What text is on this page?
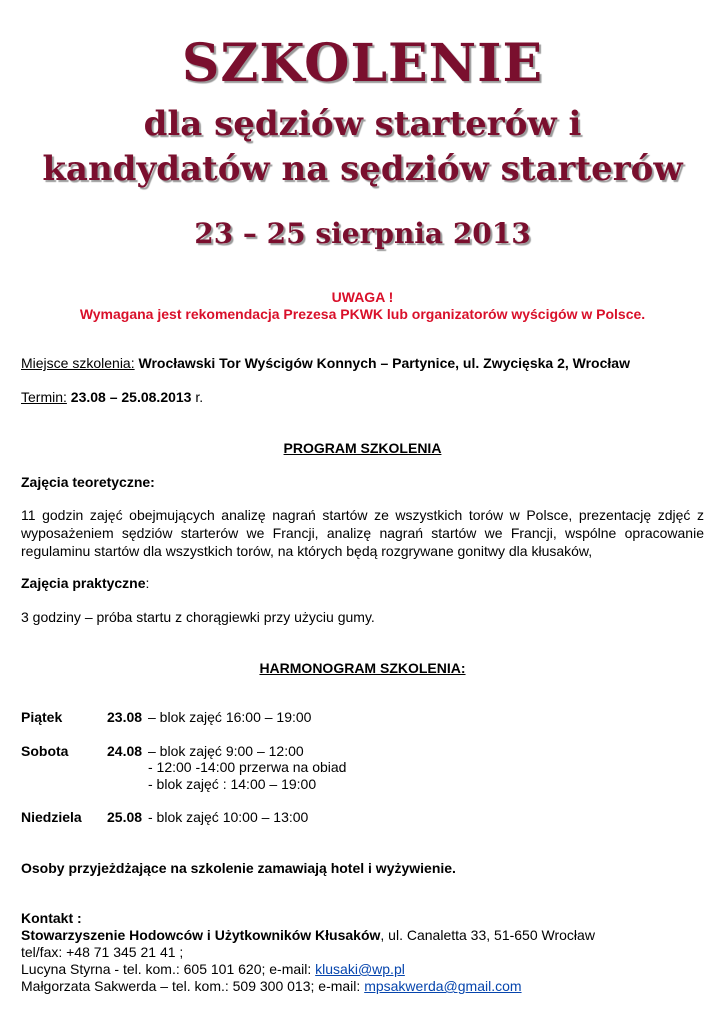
SZKOLENIE
dla sędziów starterów i
kandydatów na sędziów starterów
23 – 25 sierpnia 2013
UWAGA !
Wymagana jest rekomendacja Prezesa PKWK lub organizatorów wyścigów w Polsce.
Miejsce szkolenia: Wrocławski Tor Wyścigów Konnych – Partynice, ul. Zwycięska 2, Wrocław
Termin: 23.08 – 25.08.2013 r.
PROGRAM SZKOLENIA
Zajęcia teoretyczne:
11 godzin zajęć obejmujących analizę nagrań startów ze wszystkich torów w Polsce, prezentację zdjęć z wyposażeniem sędziów starterów we Francji, analizę nagrań startów we Francji, wspólne opracowanie regulaminu startów dla wszystkich torów, na których będą rozgrywane gonitwy dla kłusaków,
Zajęcia praktyczne:
3 godziny – próba startu z chorągiewki przy użyciu gumy.
HARMONOGRAM SZKOLENIA:
Piątek	23.08 – blok zajęć 16:00 – 19:00
Sobota	24.08 – blok zajęć 9:00 – 12:00
- 12:00 -14:00 przerwa na obiad
- blok zajęć : 14:00 – 19:00
Niedziela 25.08 - blok zajęć 10:00 – 13:00
Osoby przyjeżdżające na szkolenie zamawiają hotel i wyżywienie.
Kontakt :
Stowarzyszenie Hodowców i Użytkowników Kłusaków, ul. Canaletta 33, 51-650 Wrocław
tel/fax: +48 71 345 21 41 ;
Lucyna Styrna - tel. kom.: 605 101 620; e-mail: klusaki@wp.pl
Małgorzata Sakwerda – tel. kom.: 509 300 013; e-mail: mpsakwerda@gmail.com
